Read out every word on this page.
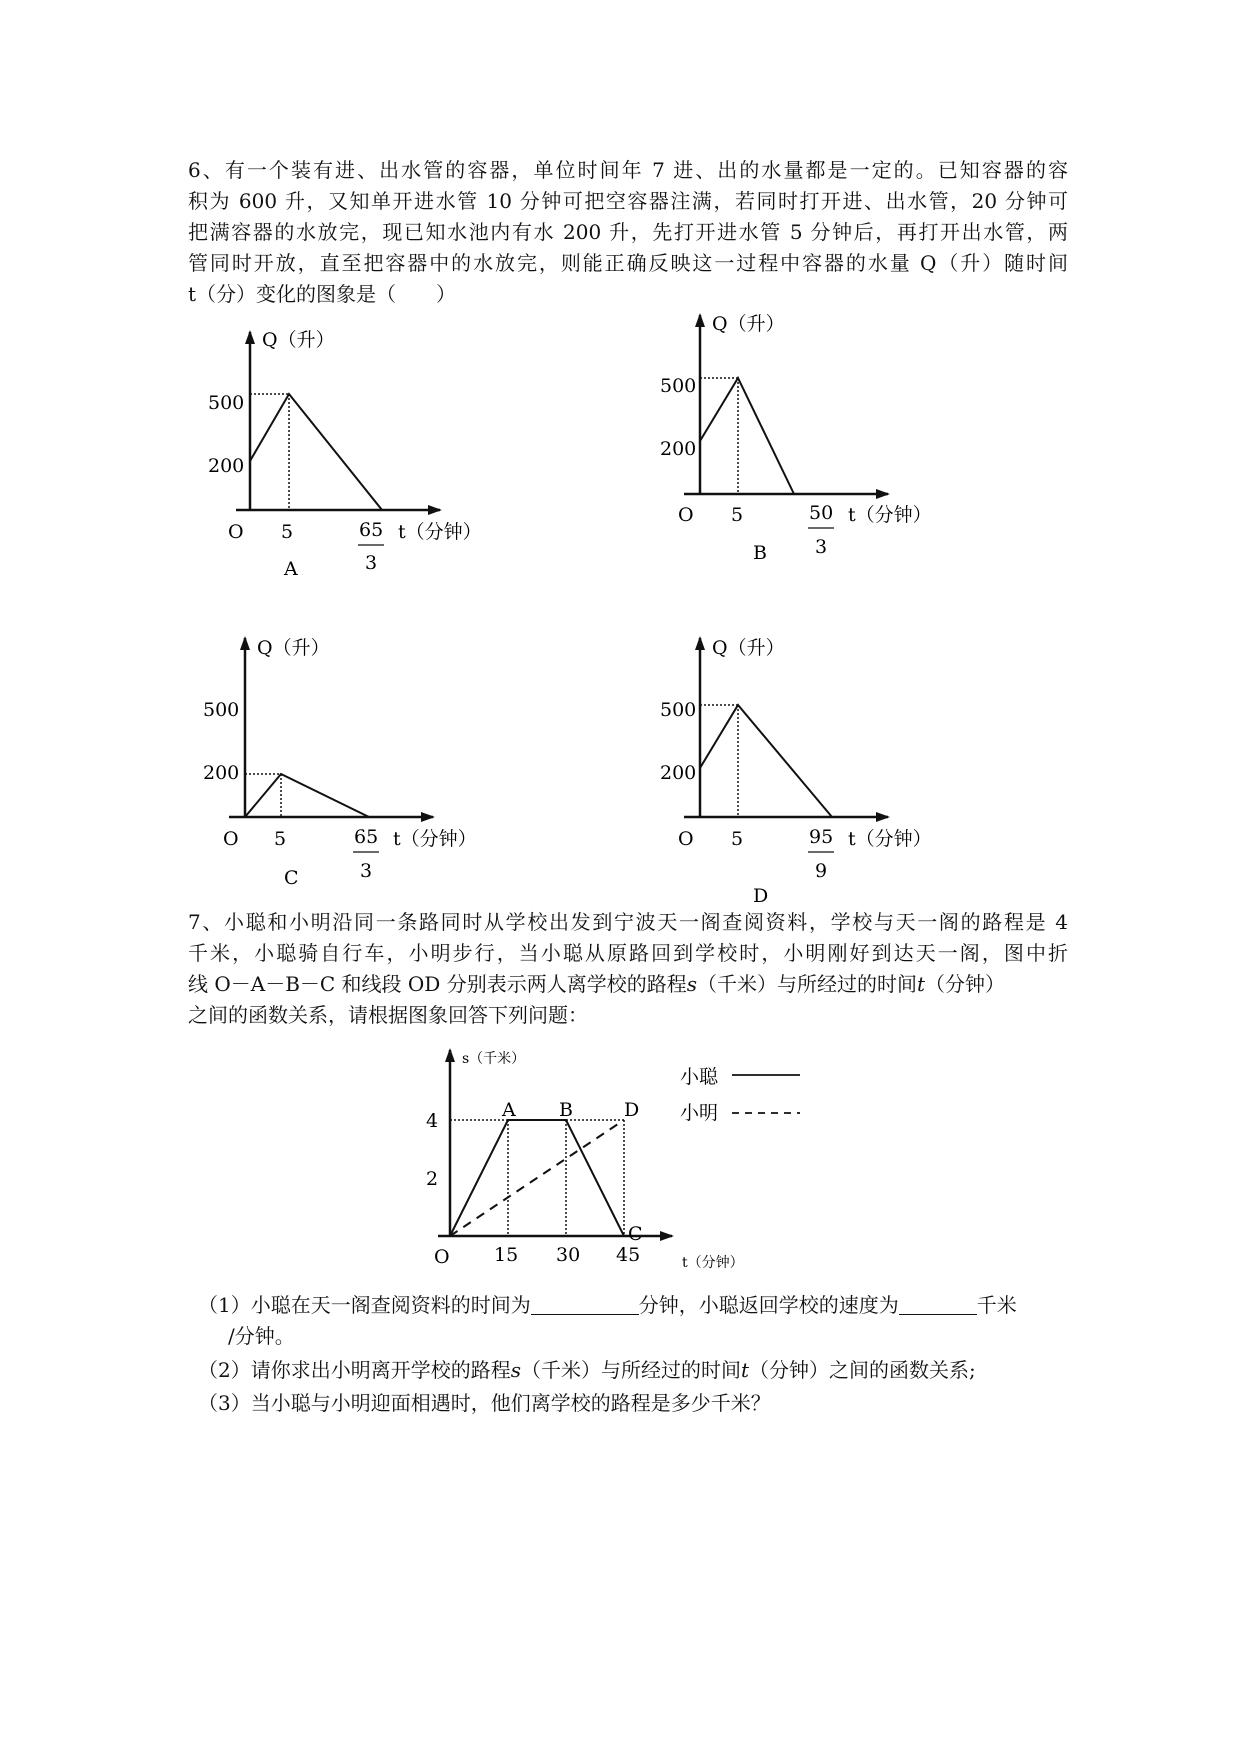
6、有一个装有进、出水管的容器，单位时间年 7 进、出的水量都是一定的。已知容器的容
积为 600 升，又知单开进水管 10 分钟可把空容器注满，若同时打开进、出水管，20 分钟可
把满容器的水放完，现已知水池内有水 200 升，先打开进水管 5 分钟后，再打开出水管，两
管同时开放，直至把容器中的水放完，则能正确反映这一过程中容器的水量 Q（升）随时间
t（分）变化的图象是（　　）
Q（升）
500
200
O 5	65
3
t（分钟）
A
Q（升）
500
200
O 5	50
3
t（分钟）
B
Q（升）
500
200
O 5	65
3
t（分钟）
C
Q（升）
500
200
O 5	95
9
t（分钟）
D
s（千米）
4
2
O 15 30 45	t（分钟）
A B	D
C
小聪
小明
7、小聪和小明沿同一条路同时从学校出发到宁波天一阁查阅资料，学校与天一阁的路程是 4
千米，小聪骑自行车，小明步行，当小聪从原路回到学校时，小明刚好到达天一阁，图中折
线 O－A－B－C 和线段 OD 分别表示两人离学校的路程s（千米）与所经过的时间t（分钟）
之间的函数关系，请根据图象回答下列问题：
（1）小聪在天一阁查阅资料的时间为	分钟，小聪返回学校的速度为	千米
/分钟。
（2）请你求出小明离开学校的路程s（千米）与所经过的时间t（分钟）之间的函数关系;
（3）当小聪与小明迎面相遇时，他们离学校的路程是多少千米？
